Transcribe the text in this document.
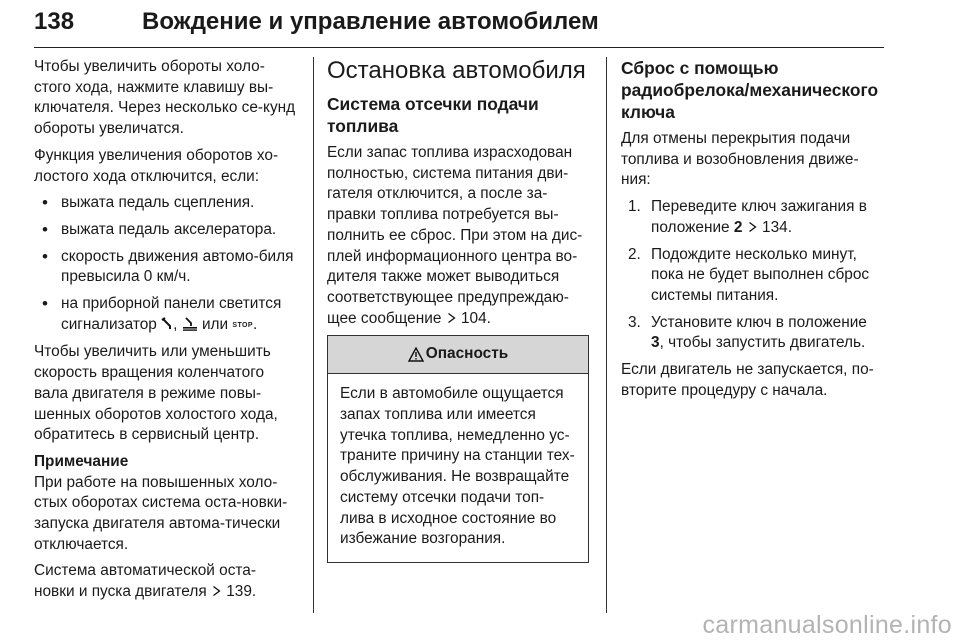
138	Вождение и управление автомобилем

Чтобы увеличить обороты холо-стого хода, нажмите клавишу вы-ключателя. Через несколько се-кунд обороты увеличатся.

Функция увеличения оборотов хо-лостого хода отключится, если:

• выжата педаль сцепления.
• выжата педаль акселератора.
• скорость движения автомо-биля превысила 0 км/ч.
• на приборной панели светится сигнализатор , или STOP.

Чтобы увеличить или уменьшить скорость вращения коленчатого вала двигателя в режиме повы-шенных оборотов холостого хода, обратитесь в сервисный центр.

Примечание

При работе на повышенных холо-стых оборотах система оста-новки-запуска двигателя автома-тически отключается.

Система автоматической оста-новки и пуска двигателя 139.

Остановка автомобиля
Система отсечки подачи топлива

Если запас топлива израсходован полностью, система питания дви-гателя отключится, а после за-правки топлива потребуется вы-полнить ее сброс. При этом на дис-плей информационного центра во-дителя также может выводиться соответствующее предупреждаю-щее сообщение 104.

Опасность
Если в автомобиле ощущается запах топлива или имеется утечка топлива, немедленно ус-траните причину на станции тех-обслуживания. Не возвращайте систему отсечки подачи топ-лива в исходное состояние во избежание возгорания.
Сброс с помощью радиобрелока/механического ключа

Для отмены перекрытия подачи топлива и возобновления движе-ния:

1. Переведите ключ зажигания в положение 2 134.
2. Подождите несколько минут, пока не будет выполнен сброс системы питания.
3. Установите ключ в положение 3, чтобы запустить двигатель.

Если двигатель не запускается, по-вторите процедуру с начала.

carmanualsonline.info
